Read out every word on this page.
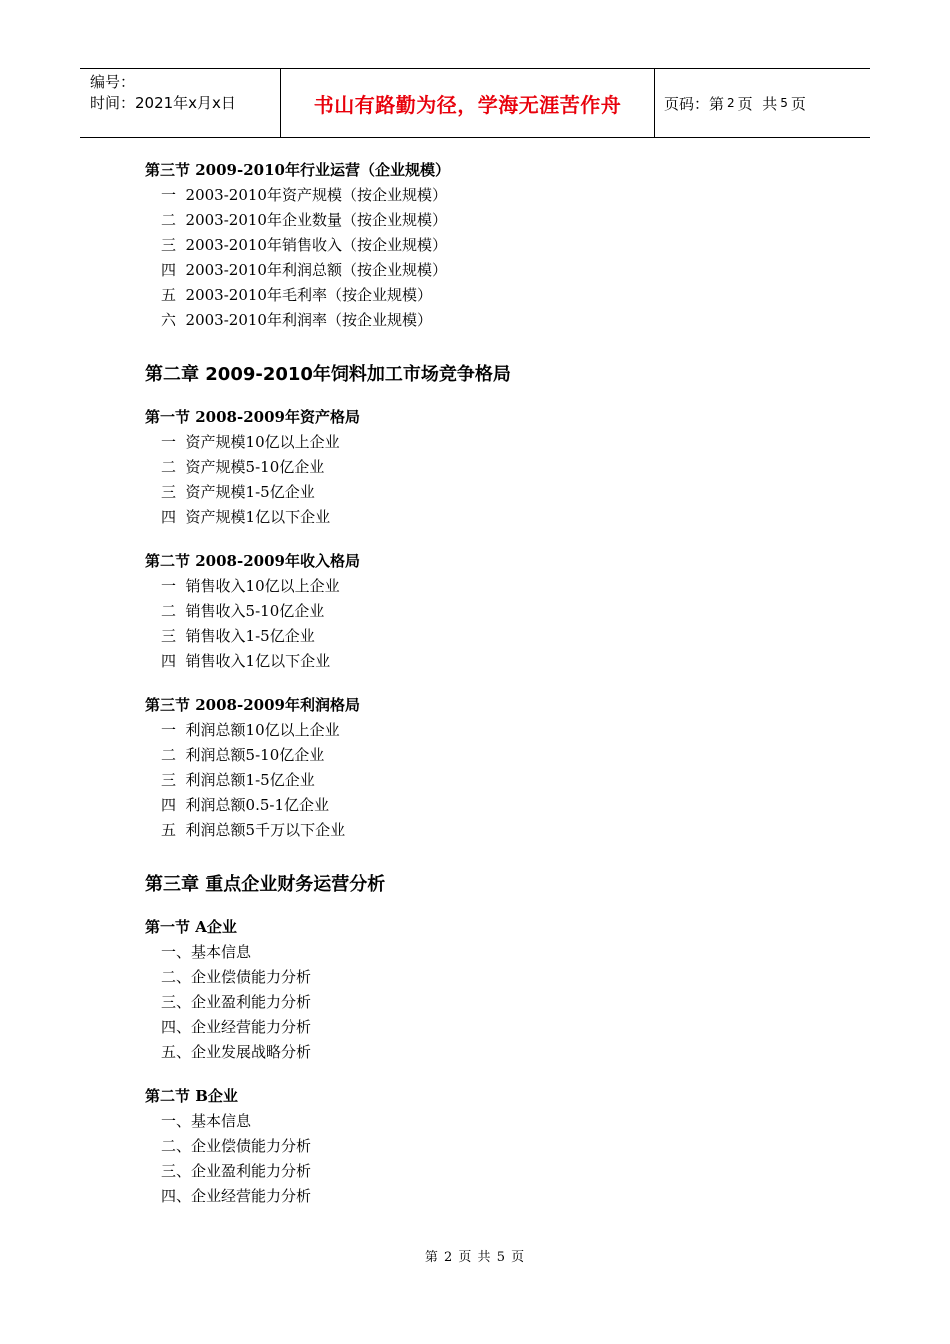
编号：
时间：2021年x月x日	书山有路勤为径，学海无涯苦作舟	页码：第 2 页  共 5 页

第三节 2009-2010年行业运营（企业规模）

一  2003-2010年资产规模（按企业规模）
二  2003-2010年企业数量（按企业规模）
三  2003-2010年销售收入（按企业规模）
四  2003-2010年利润总额（按企业规模）
五  2003-2010年毛利率（按企业规模）
六  2003-2010年利润率（按企业规模）

第二章 2009-2010年饲料加工市场竞争格局

第一节 2008-2009年资产格局

一  资产规模10亿以上企业
二  资产规模5-10亿企业
三  资产规模1-5亿企业
四  资产规模1亿以下企业

第二节 2008-2009年收入格局

一  销售收入10亿以上企业
二  销售收入5-10亿企业
三  销售收入1-5亿企业
四  销售收入1亿以下企业

第三节 2008-2009年利润格局

一  利润总额10亿以上企业
二  利润总额5-10亿企业
三  利润总额1-5亿企业
四  利润总额0.5-1亿企业
五  利润总额5千万以下企业

第三章 重点企业财务运营分析

第一节 A企业

一、基本信息
二、企业偿债能力分析
三、企业盈利能力分析
四、企业经营能力分析
五、企业发展战略分析

第二节 B企业

一、基本信息
二、企业偿债能力分析
三、企业盈利能力分析
四、企业经营能力分析
第 2 页 共 5 页
